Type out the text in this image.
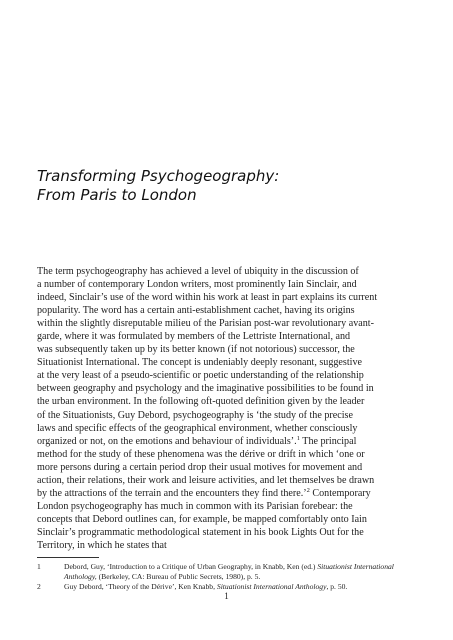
Transforming Psychogeography:
From Paris to London
The term psychogeography has achieved a level of ubiquity in the discussion of
a number of contemporary London writers, most prominently Iain Sinclair, and
indeed, Sinclair’s use of the word within his work at least in part explains its current
popularity. The word has a certain anti-establishment cachet, having its origins
within the slightly disreputable milieu of the Parisian post-war revolutionary avant-
garde, where it was formulated by members of the Lettriste International, and
was subsequently taken up by its better known (if not notorious) successor, the
Situationist International. The concept is undeniably deeply resonant, suggestive
at the very least of a pseudo-scientific or poetic understanding of the relationship
between geography and psychology and the imaginative possibilities to be found in
the urban environment. In the following oft-quoted definition given by the leader
of the Situationists, Guy Debord, psychogeography is ‘the study of the precise
laws and specific effects of the geographical environment, whether consciously
organized or not, on the emotions and behaviour of individuals’.$^1$ The principal
method for the study of these phenomena was the dérive or drift in which ‘one or
more persons during a certain period drop their usual motives for movement and
action, their relations, their work and leisure activities, and let themselves be drawn
by the attractions of the terrain and the encounters they find there.’$^2$ Contemporary
London psychogeography has much in common with its Parisian forebear: the
concepts that Debord outlines can, for example, be mapped comfortably onto Iain
Sinclair’s programmatic methodological statement in his book Lights Out for the
Territory, in which he states that
1	Debord, Guy, ‘Introduction to a Critique of Urban Geography, in Knabb, Ken (ed.) Situationist International
Anthology, (Berkeley, CA: Bureau of Public Secrets, 1980), p. 5.
2	Guy Debord, ‘Theory of the Dérive’, Ken Knabb, Situationist International Anthology, p. 50.
1
